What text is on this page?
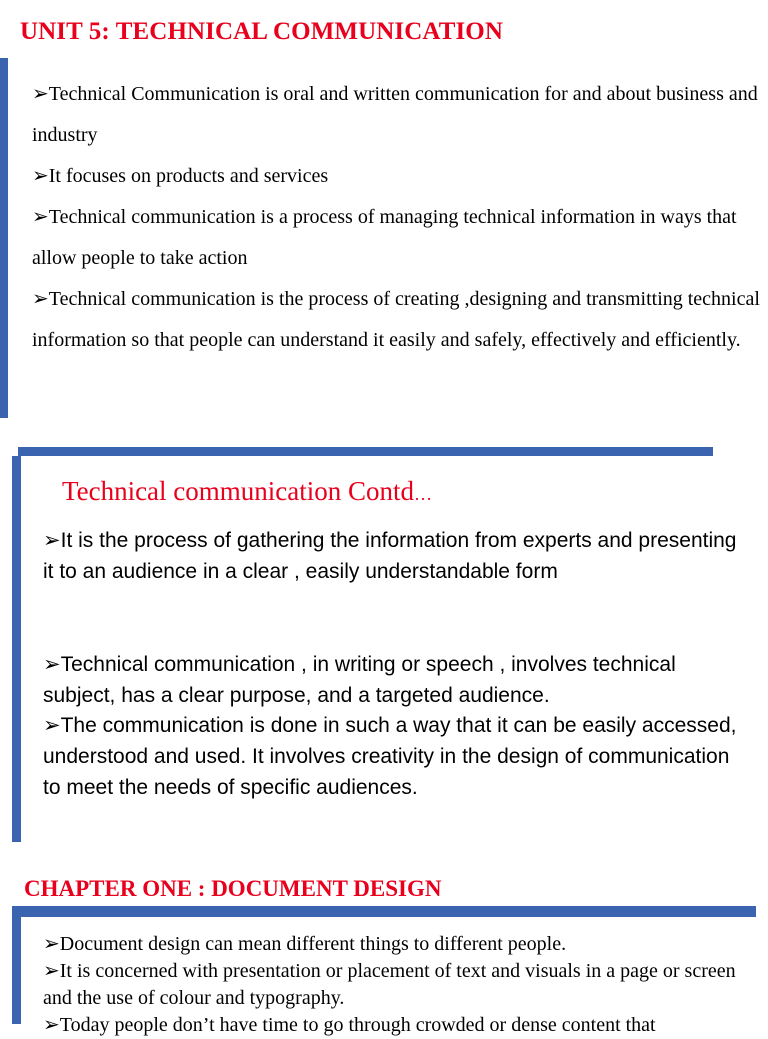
UNIT 5: TECHNICAL COMMUNICATION

➢Technical Communication is oral and written communication for and about business and industry

➢It focuses on products and services

➢Technical communication is a process of managing technical information in ways that allow people to take action

➢Technical communication is the process of creating ,designing and transmitting technical information so that people can understand it easily and safely, effectively and efficiently.

Technical communication Contd…

➢It is the process of gathering the information from experts and presenting it to an audience in a clear , easily understandable form

➢Technical communication , in writing or speech , involves technical subject, has a clear purpose, and a targeted audience.

➢The communication is done in such a way that it can be easily accessed, understood and used. It involves creativity in the design of communication to meet the needs of specific audiences.

CHAPTER ONE : DOCUMENT DESIGN

➢Document design can mean different things to different people.

➢It is concerned with presentation or placement of text and visuals in a page or screen and the use of colour and typography.

➢Today people don’t have time to go through crowded or dense content that
